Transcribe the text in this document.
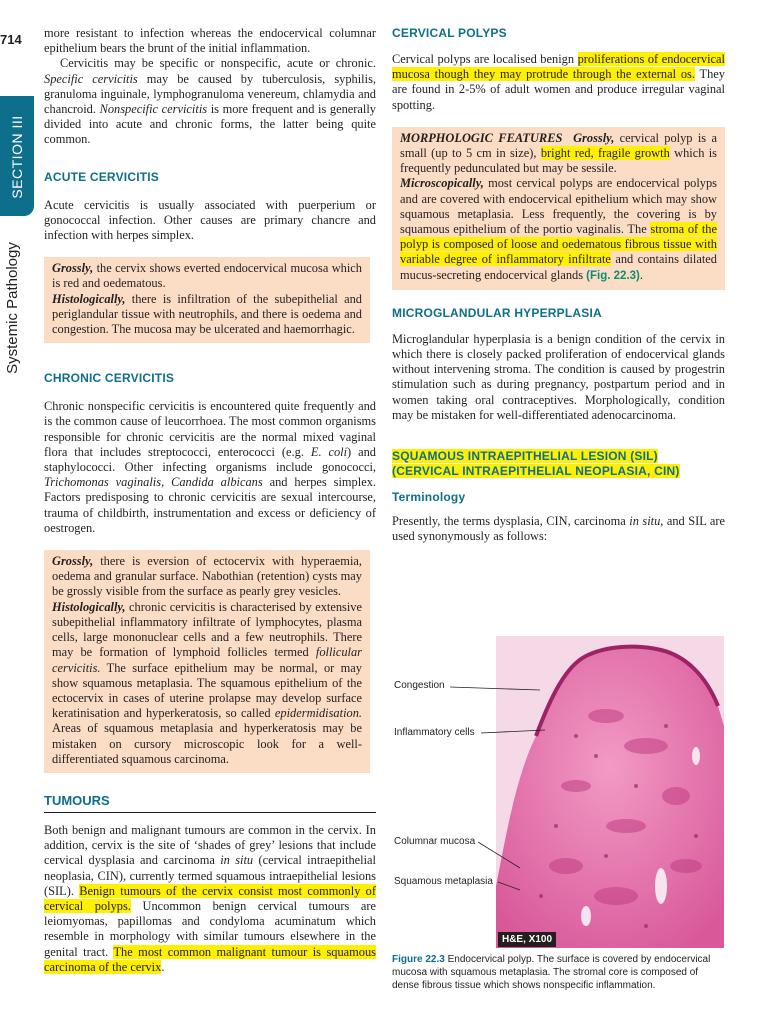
714
SECTION III
Systemic Pathology

more resistant to infection whereas the endocervical columnar epithelium bears the brunt of the initial inflammation.

Cervicitis may be specific or nonspecific, acute or chronic. Specific cervicitis may be caused by tuberculosis, syphilis, granuloma inguinale, lymphogranuloma venereum, chlamydia and chancroid. Nonspecific cervicitis is more frequent and is generally divided into acute and chronic forms, the latter being quite common.

ACUTE CERVICITIS

Acute cervicitis is usually associated with puerperium or gonococcal infection. Other causes are primary chancre and infection with herpes simplex.

Grossly, the cervix shows everted endocervical mucosa which is red and oedematous.
Histologically, there is infiltration of the subepithelial and periglandular tissue with neutrophils, and there is oedema and congestion. The mucosa may be ulcerated and haemorrhagic.
CHRONIC CERVICITIS

Chronic nonspecific cervicitis is encountered quite frequently and is the common cause of leucorrhoea. The most common organisms responsible for chronic cervicitis are the normal mixed vaginal flora that includes streptococci, enterococci (e.g. E. coli) and staphylococci. Other infecting organisms include gonococci, Trichomonas vaginalis, Candida albicans and herpes simplex. Factors predisposing to chronic cervicitis are sexual intercourse, trauma of childbirth, instrumentation and excess or deficiency of oestrogen.

Grossly, there is eversion of ectocervix with hyperaemia, oedema and granular surface. Nabothian (retention) cysts may be grossly visible from the surface as pearly grey vesicles.
Histologically, chronic cervicitis is characterised by extensive subepithelial inflammatory infiltrate of lymphocytes, plasma cells, large mononuclear cells and a few neutrophils. There may be formation of lymphoid follicles termed follicular cervicitis. The surface epithelium may be normal, or may show squamous metaplasia. The squamous epithelium of the ectocervix in cases of uterine prolapse may develop surface keratinisation and hyperkeratosis, so called epidermidisation. Areas of squamous metaplasia and hyperkeratosis may be mistaken on cursory microscopic look for a well-differentiated squamous carcinoma.
TUMOURS

Both benign and malignant tumours are common in the cervix. In addition, cervix is the site of ‘shades of grey’ lesions that include cervical dysplasia and carcinoma in situ (cervical intraepithelial neoplasia, CIN), currently termed squamous intraepithelial lesions (SIL). Benign tumours of the cervix consist most commonly of cervical polyps. Uncommon benign cervical tumours are leiomyomas, papillomas and condyloma acuminatum which resemble in morphology with similar tumours elsewhere in the genital tract. The most common malignant tumour is squamous carcinoma of the cervix.

CERVICAL POLYPS

Cervical polyps are localised benign proliferations of endocervical mucosa though they may protrude through the external os. They are found in 2-5% of adult women and produce irregular vaginal spotting.

MORPHOLOGIC FEATURES Grossly, cervical polyp is a small (up to 5 cm in size), bright red, fragile growth which is frequently pedunculated but may be sessile.
Microscopically, most cervical polyps are endocervical polyps and are covered with endocervical epithelium which may show squamous metaplasia. Less frequently, the covering is by squamous epithelium of the portio vaginalis. The stroma of the polyp is composed of loose and oedematous fibrous tissue with variable degree of inflammatory infiltrate and contains dilated mucus-secreting endocervical glands (Fig. 22.3).
MICROGLANDULAR HYPERPLASIA

Microglandular hyperplasia is a benign condition of the cervix in which there is closely packed proliferation of endocervical glands without intervening stroma. The condition is caused by progestrin stimulation such as during pregnancy, postpartum period and in women taking oral contraceptives. Morphologically, condition may be mistaken for well-differentiated adenocarcinoma.

SQUAMOUS INTRAEPITHELIAL LESION (SIL)
(CERVICAL INTRAEPITHELIAL NEOPLASIA, CIN)
Terminology

Presently, the terms dysplasia, CIN, carcinoma in situ, and SIL are used synonymously as follows:

Congestion
Inflammatory cells
Columnar mucosa
Squamous metaplasia
H&E, X100
Figure 22.3 Endocervical polyp. The surface is covered by endocervical mucosa with squamous metaplasia. The stromal core is composed of dense fibrous tissue which shows nonspecific inflammation.
